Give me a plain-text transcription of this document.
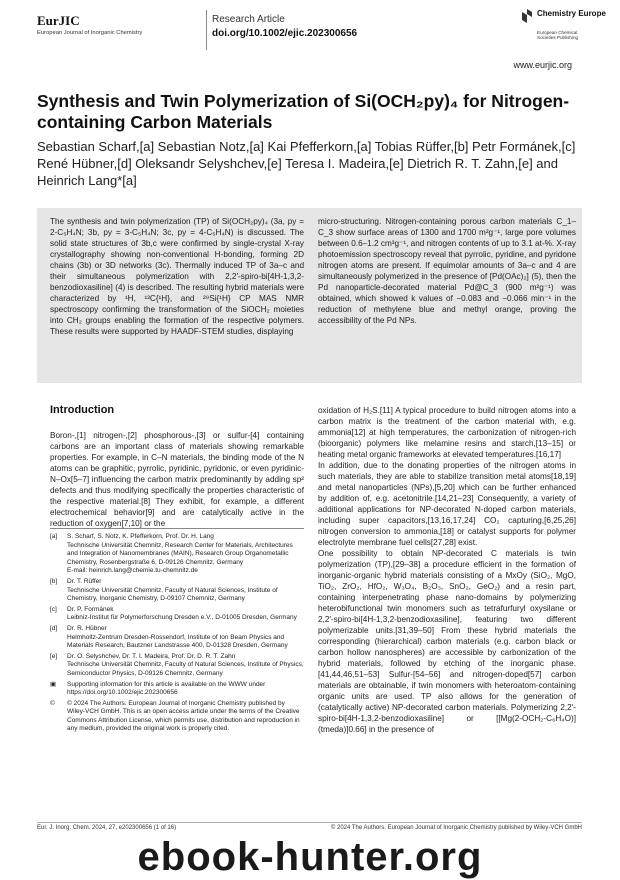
EurJIC
European Journal of Inorganic Chemistry
Research Article
doi.org/10.1002/ejic.202300656
Chemistry Europe
European Chemical Societies Publishing
www.eurjic.org
Synthesis and Twin Polymerization of Si(OCH₂py)₄ for Nitrogen-containing Carbon Materials
Sebastian Scharf,[a] Sebastian Notz,[a] Kai Pfefferkorn,[a] Tobias Rüffer,[b] Petr Formánek,[c] René Hübner,[d] Oleksandr Selyshchev,[e] Teresa I. Madeira,[e] Dietrich R. T. Zahn,[e] and Heinrich Lang*[a]
The synthesis and twin polymerization (TP) of Si(OCH₂py)₄ (3a, py = 2-C₅H₄N; 3b, py = 3-C₅H₄N; 3c, py = 4-C₅H₄N) is discussed. The solid state structures of 3b,c were confirmed by single-crystal X-ray crystallography showing non-conventional H-bonding, forming 2D chains (3b) or 3D networks (3c). Thermally induced TP of 3a–c and their simultaneous polymerization with 2,2′-spiro-bi[4H-1,3,2-benzodioxasiline] (4) is described. The resulting hybrid materials were characterized by ¹H, ¹³C{¹H}, and ²⁹Si{¹H} CP MAS NMR spectroscopy confirming the transformation of the SiOCH₂ moieties into CH₂ groups enabling the formation of the respective polymers. These results were supported by HAADF-STEM studies, displaying
micro-structuring. Nitrogen-containing porous carbon materials C_1–C_3 show surface areas of 1300 and 1700 m²g⁻¹, large pore volumes between 0.6–1.2 cm³g⁻¹, and nitrogen contents of up to 3.1 at-%. X-ray photoemission spectroscopy reveal that pyrrolic, pyridine, and pyridone nitrogen atoms are present. If equimolar amounts of 3a–c and 4 are simultaneously polymerized in the presence of [Pd(OAc)₂] (5), then the Pd nanoparticle-decorated material Pd@C_3 (900 m²g⁻¹) was obtained, which showed k values of −0.083 and −0.066 min⁻¹ in the reduction of methylene blue and methyl orange, proving the accessibility of the Pd NPs.
Introduction
Boron-,[1] nitrogen-,[2] phosphorous-,[3] or sulfur-[4] containing carbons are an important class of materials showing remarkable properties. For example, in C–N materials, the binding mode of the N atoms can be graphitic, pyrrolic, pyridinic, pyridonic, or even pyridinic-N–Ox[5–7] influencing the carbon matrix predominantly by adding sp² defects and thus modifying specifically the properties characteristic of the respective material.[8] They exhibit, for example, a different electrochemical behavior[9] and are catalytically active in the reduction of oxygen[7,10] or the
oxidation of H₂S.[11] A typical procedure to build nitrogen atoms into a carbon matrix is the treatment of the carbon material with, e.g. ammonia[12] at high temperatures, the carbonization of nitrogen-rich (bioorganic) polymers like melamine resins and starch,[13–15] or heating metal organic frameworks at elevated temperatures.[16,17]
In addition, due to the donating properties of the nitrogen atoms in such materials, they are able to stabilize transition metal atoms[18,19] and metal nanoparticles (NPs),[5,20] which can be further enhanced by addition of, e.g. acetonitrile.[14,21–23] Consequently, a variety of additional applications for NP-decorated N-doped carbon materials, including super capacitors,[13,16,17,24] CO₂ capturing,[6,25,26] nitrogen conversion to ammonia,[18] or catalyst supports for polymer electrolyte membrane fuel cells[27,28] exist.
One possibility to obtain NP-decorated C materials is twin polymerization (TP),[29–38] a procedure efficient in the formation of inorganic-organic hybrid materials consisting of a MxOy (SiO₂, MgO, TiO₂, ZrO₂, HfO₂, W₃O₄, B₂O₃, SnO₂, GeO₂) and a resin part, containing interpenetrating phase nano-domains by polymerizing heterobifunctional twin monomers such as tetrafurfuryl oxysilane or 2,2′-spiro-bi[4H-1,3,2-benzodioxasiline], featuring two different polymerizable units.[31,39–50] From these hybrid materials the corresponding (hierarchical) carbon materials (e.g. carbon black or carbon hollow nanospheres) are accessible by carbonization of the hybrid materials, followed by etching of the inorganic phase.[41,44,46,51–53] Sulfur-[54–56] and nitrogen-doped[57] carbon materials are obtainable, if twin monomers with heteroatom-containing organic units are used. TP also allows for the generation of (catalytically active) NP-decorated carbon materials. Polymerizing 2,2′-spiro-bi[4H-1,3,2-benzodioxasiline] or [[Mg(2-OCH₂-C₆H₄O)](tmeda)]0.66] in the presence of
[a]	S. Scharf, S. Notz, K. Pfefferkorn, Prof. Dr. H. Lang
Technische Universität Chemnitz, Research Center for Materials, Architectures and Integration of Nanomembranes (MAIN), Research Group Organometallic Chemistry, Rosenbergstraße 6, D-09126 Chemnitz, Germany
E-mail: heinrich.lang@chemie.tu-chemnitz.de
[b]	Dr. T. Rüffer
Technische Universität Chemnitz, Faculty of Natural Sciences, Institute of Chemistry, Inorganic Chemistry, D-09107 Chemnitz, Germany
[c]	Dr. P. Formánek
Leibniz-Institut für Polymerforschung Dresden e.V., D-01005 Dresden, Germany
[d]	Dr. R. Hübner
Helmholtz-Zentrum Dresden-Rossendorf, Institute of Ion Beam Physics and Materials Research, Bautzner Landstrasse 400, D-01328 Dresden, Germany
[e]	Dr. O. Selyshchev, Dr. T. I. Madeira, Prof. Dr. D. R. T. Zahn
Technische Universität Chemnitz, Faculty of Natural Sciences, Institute of Physics, Semiconductor Physics, D-09126 Chemnitz, Germany
▣	Supporting information for this article is available on the WWW under https://doi.org/10.1002/ejic.202300656
©	© 2024 The Authors. European Journal of Inorganic Chemistry published by Wiley-VCH GmbH. This is an open access article under the terms of the Creative Commons Attribution License, which permits use, distribution and reproduction in any medium, provided the original work is properly cited.
Eur. J. Inorg. Chem. 2024, 27, e202300656 (1 of 16)	© 2024 The Authors. European Journal of Inorganic Chemistry published by Wiley-VCH GmbH
ebook-hunter.org
